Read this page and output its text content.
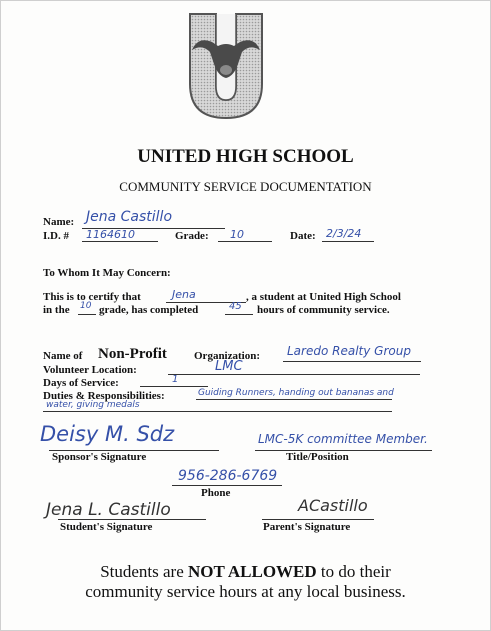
UNITED HIGH SCHOOL
COMMUNITY SERVICE DOCUMENTATION
Name: Jena Castillo
I.D. # 1164610	Grade: 10	Date: 2/3/24
To Whom It May Concern:
This is to certify that	Jena	, a student at United High School
in the 10 grade, has completed	45 hours of community service.
Name of Non-Profit Organization: Laredo Realty Group
Volunteer Location:	LMC
Days of Service:	1
Duties & Responsibilities:	Guiding Runners, handing out bananas and
water, giving medals
Deisy M. Sdz
Sponsor's Signature
LMC-5K committee Member.
Title/Position
956-286-6769
Phone
Jena L. Castillo
Student's Signature
ACastillo
Parent's Signature
Students are NOT ALLOWED to do their
community service hours at any local business.
